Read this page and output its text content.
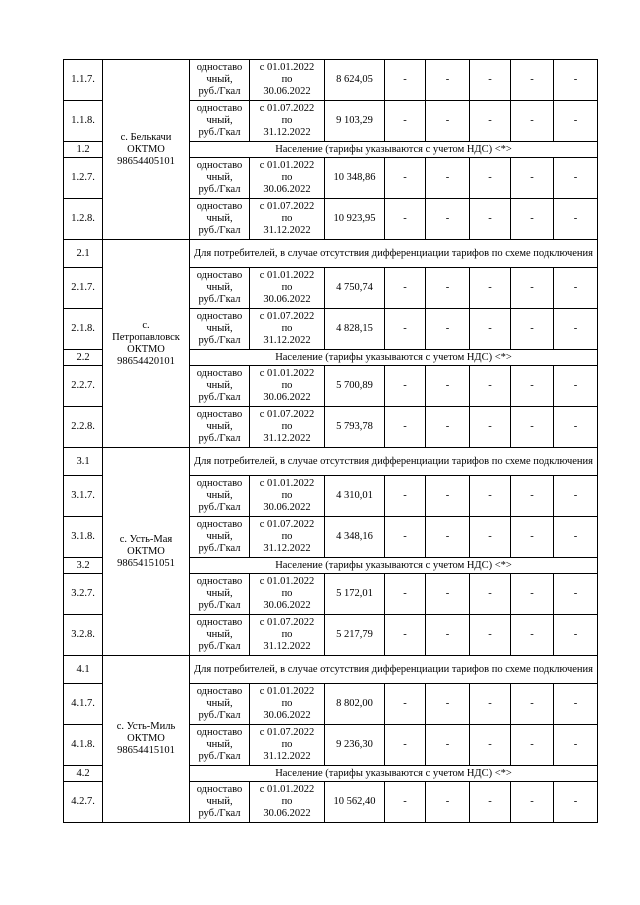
1.1.7.	с. Белькачи
ОКТМО
98654405101	одноставо
чный,
руб./Гкал	с 01.01.2022
по
30.06.2022	8 624,05	-	-	-	-	-
1.1.8.		одноставо
чный,
руб./Гкал	с 01.07.2022
по
31.12.2022	9 103,29	-	-	-	-	-
1.2		Население (тарифы указываются с учетом НДС) <*>							
1.2.7.		одноставо
чный,
руб./Гкал	с 01.01.2022
по
30.06.2022	10 348,86	-	-	-	-	-
1.2.8.		одноставо
чный,
руб./Гкал	с 01.07.2022
по
31.12.2022	10 923,95	-	-	-	-	-
2.1	с.
Петропавловск
ОКТМО
98654420101	Для потребителей, в случае отсутствия дифференциации тарифов по схеме подключения							
2.1.7.		одноставо
чный,
руб./Гкал	с 01.01.2022
по
30.06.2022	4 750,74	-	-	-	-	-
2.1.8.		одноставо
чный,
руб./Гкал	с 01.07.2022
по
31.12.2022	4 828,15	-	-	-	-	-
2.2		Население (тарифы указываются с учетом НДС) <*>							
2.2.7.		одноставо
чный,
руб./Гкал	с 01.01.2022
по
30.06.2022	5 700,89	-	-	-	-	-
2.2.8.		одноставо
чный,
руб./Гкал	с 01.07.2022
по
31.12.2022	5 793,78	-	-	-	-	-
3.1	с. Усть-Мая
ОКТМО
98654151051	Для потребителей, в случае отсутствия дифференциации тарифов по схеме подключения							
3.1.7.		одноставо
чный,
руб./Гкал	с 01.01.2022
по
30.06.2022	4 310,01	-	-	-	-	-
3.1.8.		одноставо
чный,
руб./Гкал	с 01.07.2022
по
31.12.2022	4 348,16	-	-	-	-	-
3.2		Население (тарифы указываются с учетом НДС) <*>							
3.2.7.		одноставо
чный,
руб./Гкал	с 01.01.2022
по
30.06.2022	5 172,01	-	-	-	-	-
3.2.8.		одноставо
чный,
руб./Гкал	с 01.07.2022
по
31.12.2022	5 217,79	-	-	-	-	-
4.1	с. Усть-Миль
ОКТМО
98654415101	Для потребителей, в случае отсутствия дифференциации тарифов по схеме подключения							
4.1.7.		одноставо
чный,
руб./Гкал	с 01.01.2022
по
30.06.2022	8 802,00	-	-	-	-	-
4.1.8.		одноставо
чный,
руб./Гкал	с 01.07.2022
по
31.12.2022	9 236,30	-	-	-	-	-
4.2		Население (тарифы указываются с учетом НДС) <*>							
4.2.7.		одноставо
чный,
руб./Гкал	с 01.01.2022
по
30.06.2022	10 562,40	-	-	-	-	-
